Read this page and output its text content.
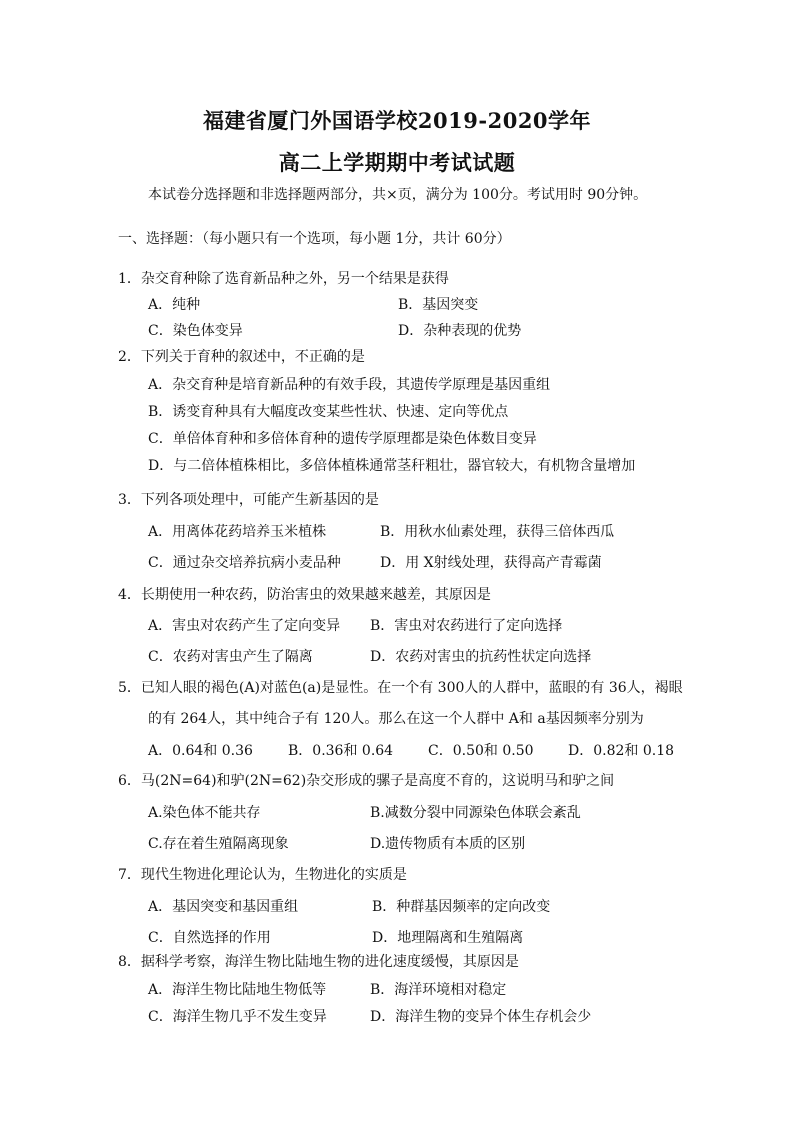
福建省厦门外国语学校2019-2020学年
高二上学期期中考试试题
本试卷分选择题和非选择题两部分，共×页，满分为 100分。考试用时 90分钟。
一、选择题：（每小题只有一个选项，每小题 1分，共计 60分）
1．杂交育种除了选育新品种之外，另一个结果是获得
A．纯种	B．基因突变
C．染色体变异	D．杂种表现的优势
2．下列关于育种的叙述中，不正确的是
A．杂交育种是培育新品种的有效手段，其遗传学原理是基因重组
B．诱变育种具有大幅度改变某些性状、快速、定向等优点
C．单倍体育种和多倍体育种的遗传学原理都是染色体数目变异
D．与二倍体植株相比，多倍体植株通常茎秆粗壮，器官较大，有机物含量增加
3．下列各项处理中，可能产生新基因的是
A．用离体花药培养玉米植株	B．用秋水仙素处理，获得三倍体西瓜
C．通过杂交培养抗病小麦品种	D．用 X射线处理，获得高产青霉菌
4．长期使用一种农药，防治害虫的效果越来越差，其原因是
A．害虫对农药产生了定向变异 B．害虫对农药进行了定向选择
C．农药对害虫产生了隔离	D．农药对害虫的抗药性状定向选择
5．已知人眼的褐色(A)对蓝色(a)是显性。在一个有 300人的人群中，蓝眼的有 36人，褐眼
的有 264人，其中纯合子有 120人。那么在这一个人群中 A和 a基因频率分别为
A．0.64和 0.36	B．0.36和 0.64 C．0.50和 0.50 D．0.82和 0.18
6．马(2N=64)和驴(2N=62)杂交形成的骡子是高度不育的，这说明马和驴之间
A.染色体不能共存	B.减数分裂中同源染色体联会紊乱
C.存在着生殖隔离现象	D.遗传物质有本质的区别
7．现代生物进化理论认为，生物进化的实质是
A．基因突变和基因重组	B．种群基因频率的定向改变
C．自然选择的作用	D．地理隔离和生殖隔离
8．据科学考察，海洋生物比陆地生物的进化速度缓慢，其原因是
A．海洋生物比陆地生物低等	B．海洋环境相对稳定
C．海洋生物几乎不发生变异	D．海洋生物的变异个体生存机会少
